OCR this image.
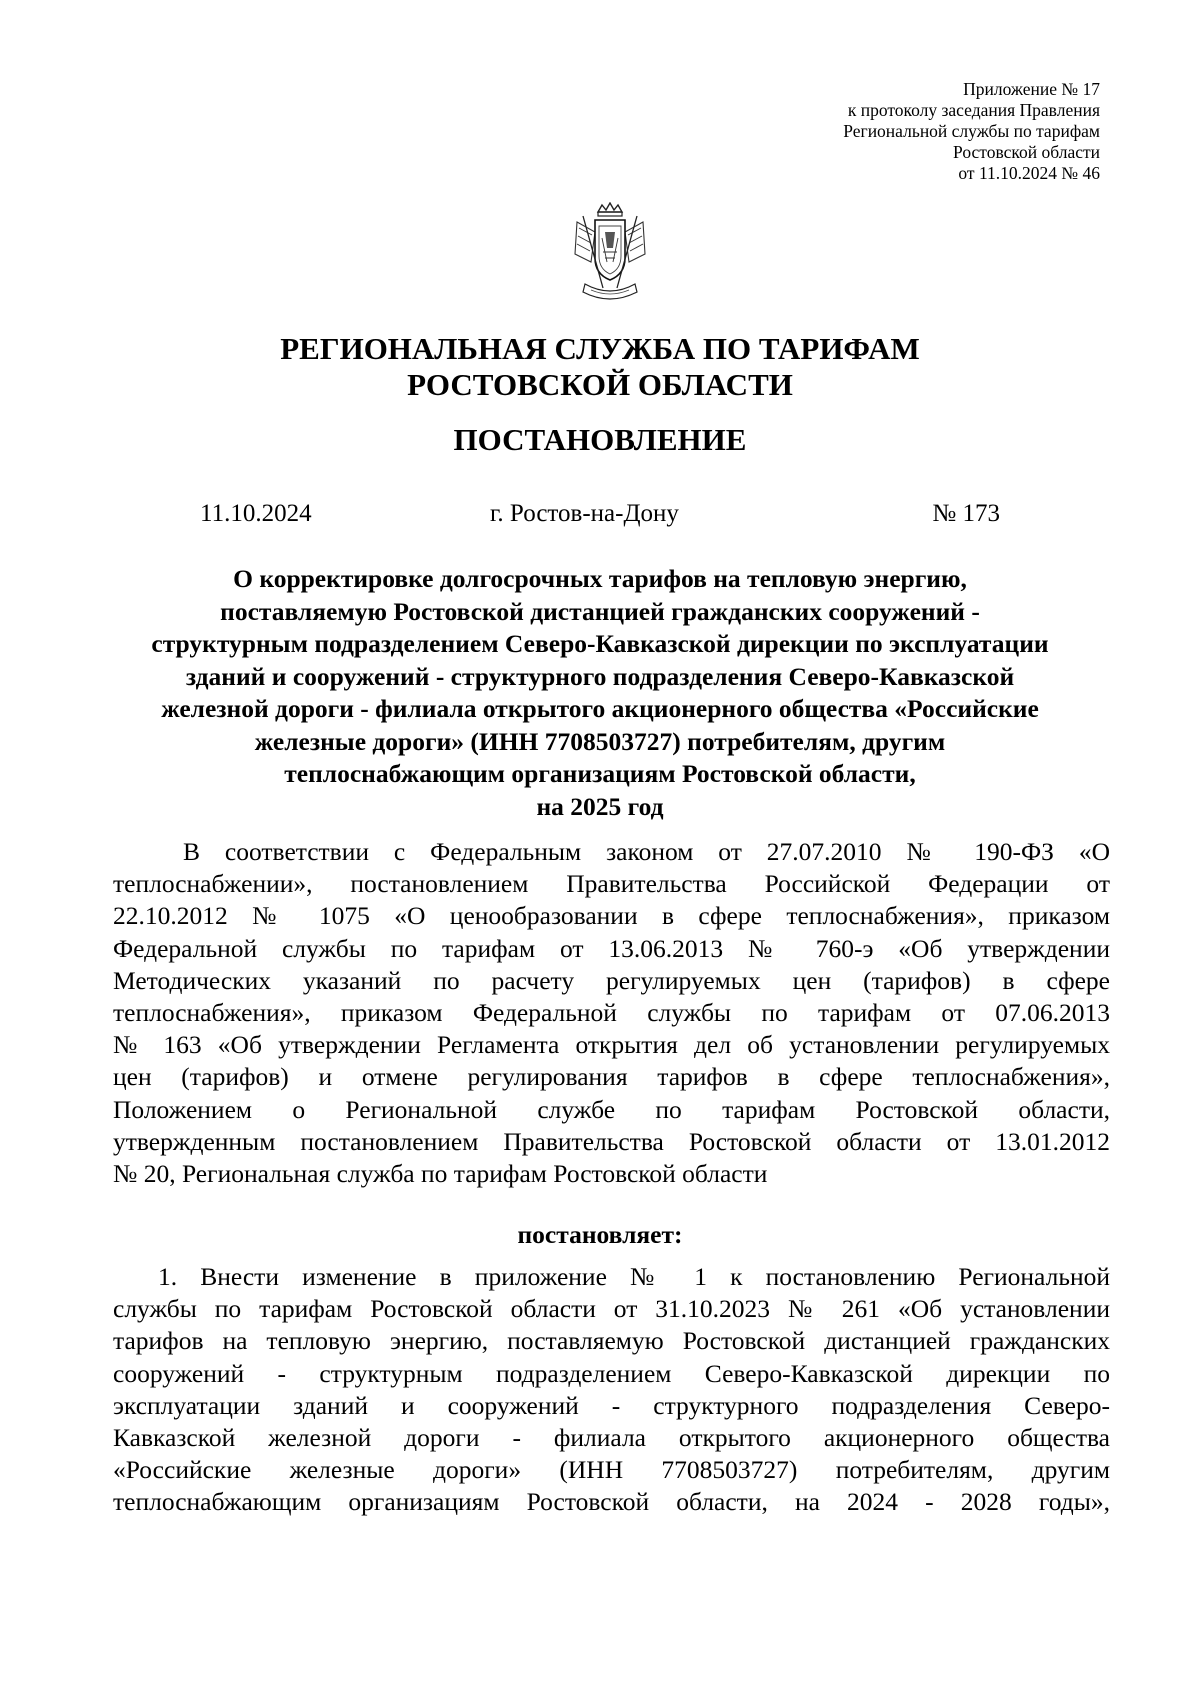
Приложение № 17
к протоколу заседания Правления
Региональной службы по тарифам
Ростовской области
от 11.10.2024 № 46
РЕГИОНАЛЬНАЯ СЛУЖБА ПО ТАРИФАМ
РОСТОВСКОЙ ОБЛАСТИ
ПОСТАНОВЛЕНИЕ
11.10.2024	г. Ростов-на-Дону	№ 173
О корректировке долгосрочных тарифов на тепловую энергию,
поставляемую Ростовской дистанцией гражданских сооружений -
структурным подразделением Северо-Кавказской дирекции по эксплуатации
зданий и сооружений - структурного подразделения Северо-Кавказской
железной дороги - филиала открытого акционерного общества «Российские
железные дороги» (ИНН 7708503727) потребителям, другим
теплоснабжающим организациям Ростовской области,
на 2025 год
В соответствии с Федеральным законом от 27.07.2010 № 190-ФЗ «О
теплоснабжении», постановлением Правительства Российской Федерации от
22.10.2012 № 1075 «О ценообразовании в сфере теплоснабжения», приказом
Федеральной службы по тарифам от 13.06.2013 № 760-э «Об утверждении
Методических указаний по расчету регулируемых цен (тарифов) в сфере
теплоснабжения», приказом Федеральной службы по тарифам от 07.06.2013
№ 163 «Об утверждении Регламента открытия дел об установлении регулируемых
цен (тарифов) и отмене регулирования тарифов в сфере теплоснабжения»,
Положением о Региональной службе по тарифам Ростовской области,
утвержденным постановлением Правительства Ростовской области от 13.01.2012
№ 20, Региональная служба по тарифам Ростовской области
постановляет:
1. Внести изменение в приложение № 1 к постановлению Региональной
службы по тарифам Ростовской области от 31.10.2023 № 261 «Об установлении
тарифов на тепловую энергию, поставляемую Ростовской дистанцией гражданских
сооружений - структурным подразделением Северо-Кавказской дирекции по
эксплуатации зданий и сооружений - структурного подразделения Северо-
Кавказской железной дороги - филиала открытого акционерного общества
«Российские железные дороги» (ИНН 7708503727) потребителям, другим
теплоснабжающим организациям Ростовской области, на 2024 - 2028 годы»,
